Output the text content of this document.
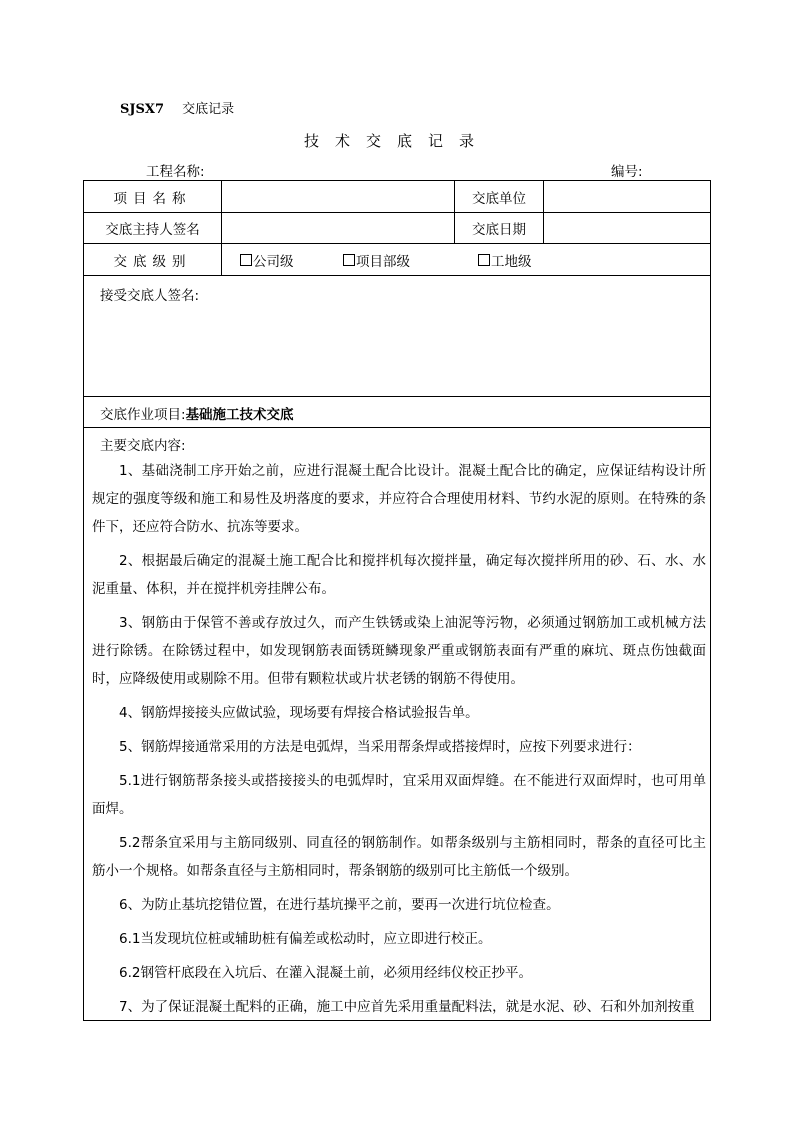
SJSX7 交底记录
技术交底记录
工程名称:	编号:
项目名称	交底单位
交底主持人签名	交底日期
交底级别	公司级	项目部级	工地级
接受交底人签名:
交底作业项目: 基础施工技术交底
主要交底内容:

1、基础浇制工序开始之前，应进行混凝土配合比设计。混凝土配合比的确定，应保证结构设计所规定的强度等级和施工和易性及坍落度的要求，并应符合合理使用材料、节约水泥的原则。在特殊的条件下，还应符合防水、抗冻等要求。

2、根据最后确定的混凝土施工配合比和搅拌机每次搅拌量，确定每次搅拌所用的砂、石、水、水泥重量、体积，并在搅拌机旁挂牌公布。

3、钢筋由于保管不善或存放过久，而产生铁锈或染上油泥等污物，必须通过钢筋加工或机械方法进行除锈。在除锈过程中，如发现钢筋表面锈斑鳞现象严重或钢筋表面有严重的麻坑、斑点伤蚀截面时，应降级使用或剔除不用。但带有颗粒状或片状老锈的钢筋不得使用。

4、钢筋焊接接头应做试验，现场要有焊接合格试验报告单。

5、钢筋焊接通常采用的方法是电弧焊，当采用帮条焊或搭接焊时，应按下列要求进行：

5.1进行钢筋帮条接头或搭接接头的电弧焊时，宜采用双面焊缝。在不能进行双面焊时，也可用单面焊。

5.2帮条宜采用与主筋同级别、同直径的钢筋制作。如帮条级别与主筋相同时，帮条的直径可比主筋小一个规格。如帮条直径与主筋相同时，帮条钢筋的级别可比主筋低一个级别。

6、为防止基坑挖错位置，在进行基坑操平之前，要再一次进行坑位检查。

6.1当发现坑位桩或辅助桩有偏差或松动时，应立即进行校正。

6.2钢管杆底段在入坑后、在灌入混凝土前，必须用经纬仪校正抄平。

7、为了保证混凝土配料的正确，施工中应首先采用重量配料法，就是水泥、砂、石和外加剂按重
